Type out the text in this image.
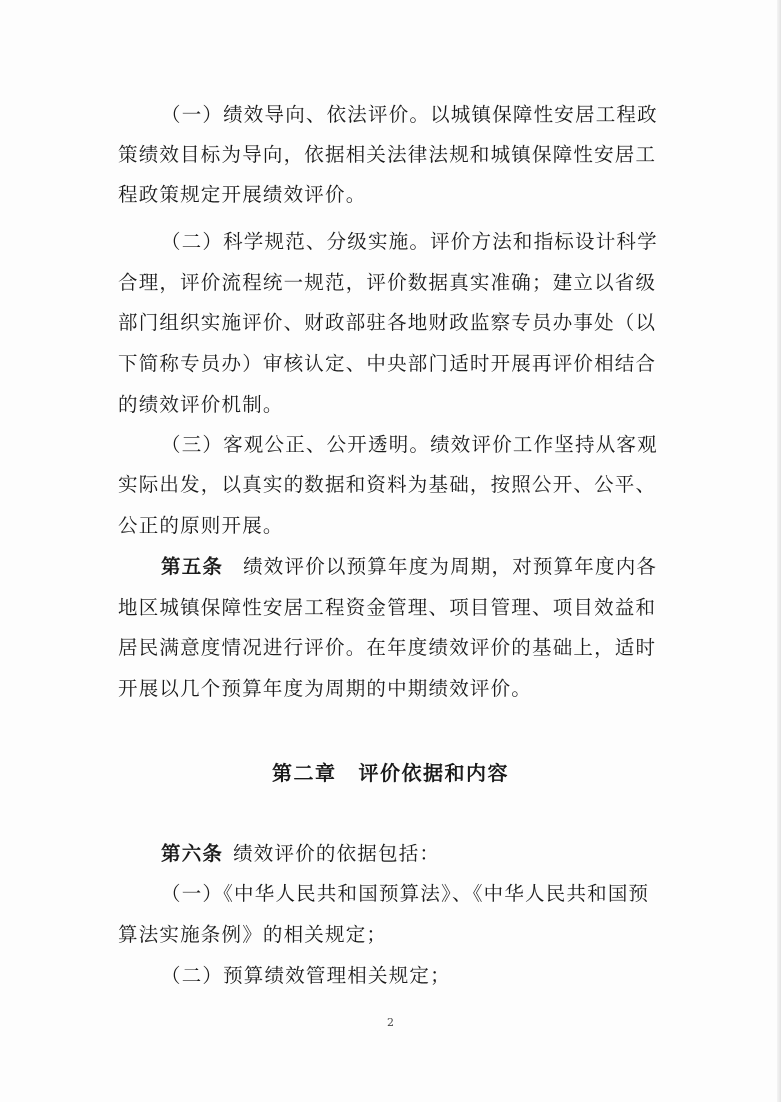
（一）绩效导向、依法评价。以城镇保障性安居工程政
策绩效目标为导向，依据相关法律法规和城镇保障性安居工
程政策规定开展绩效评价。
（二）科学规范、分级实施。评价方法和指标设计科学
合理，评价流程统一规范，评价数据真实准确；建立以省级
部门组织实施评价、财政部驻各地财政监察专员办事处（以
下简称专员办）审核认定、中央部门适时开展再评价相结合
的绩效评价机制。
（三）客观公正、公开透明。绩效评价工作坚持从客观
实际出发，以真实的数据和资料为基础，按照公开、公平、
公正的原则开展。
第五条 绩效评价以预算年度为周期，对预算年度内各
地区城镇保障性安居工程资金管理、项目管理、项目效益和
居民满意度情况进行评价。在年度绩效评价的基础上，适时
开展以几个预算年度为周期的中期绩效评价。
第二章 评价依据和内容
第六条 绩效评价的依据包括：
（一）《中华人民共和国预算法》、《中华人民共和国预
算法实施条例》的相关规定；
（二）预算绩效管理相关规定；
2
